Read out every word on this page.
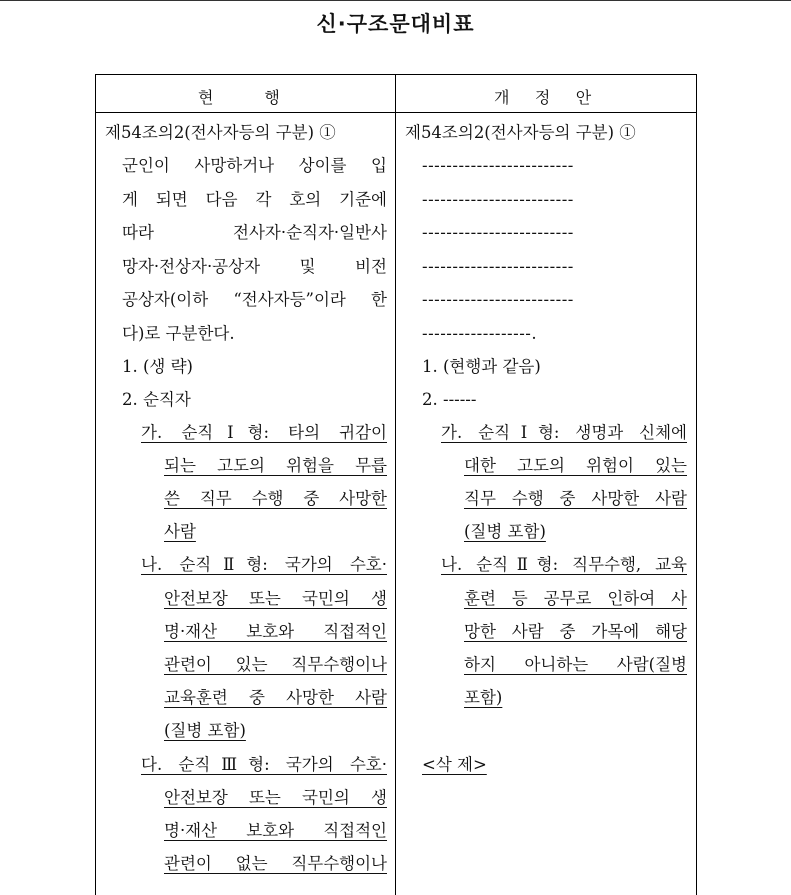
신·구조문대비표
현          행	개     정     안
제54조의2(전사자등의 구분) ①
군인이 사망하거나 상이를 입
게 되면 다음 각 호의 기준에
따라 전사자·순직자·일반사
망자·전상자·공상자 및 비전
공상자(이하 “전사자등”이라 한
다)로 구분한다.
1. (생 략)
2. 순직자
가. 순직Ⅰ형: 타의 귀감이
되는 고도의 위험을 무릅
쓴 직무 수행 중 사망한
사람
나. 순직Ⅱ형: 국가의 수호·
안전보장 또는 국민의 생
명·재산 보호와 직접적인
관련이 있는 직무수행이나
교육훈련 중 사망한 사람
(질병 포함)
다. 순직Ⅲ형: 국가의 수호·
안전보장 또는 국민의 생
명·재산 보호와 직접적인
관련이 없는 직무수행이나
제54조의2(전사자등의 구분) ①
-------------------------
-------------------------
-------------------------
-------------------------
-------------------------
------------------.
1. (현행과 같음)
2. ------
가. 순직Ⅰ형: 생명과 신체에
대한 고도의 위험이 있는
직무 수행 중 사망한 사람
(질병 포함)
나. 순직Ⅱ형: 직무수행, 교육
훈련 등 공무로 인하여 사
망한 사람 중 가목에 해당
하지 아니하는 사람(질병
포함)
<삭 제>
